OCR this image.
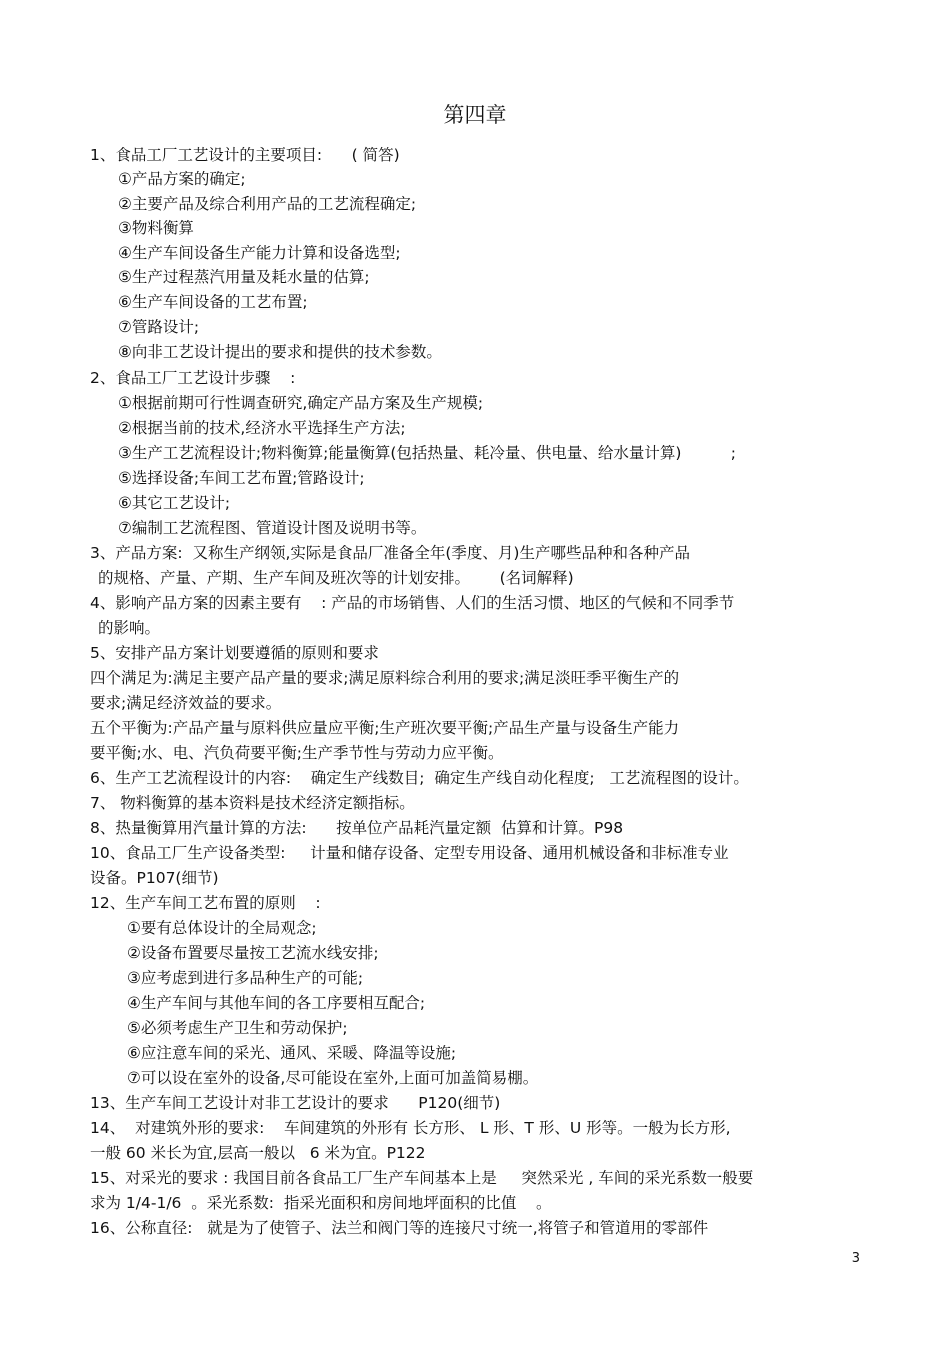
第四章
1、食品工厂工艺设计的主要项目:      ( 简答)
①产品方案的确定;
②主要产品及综合利用产品的工艺流程确定;
③物料衡算
④生产车间设备生产能力计算和设备选型;
⑤生产过程蒸汽用量及耗水量的估算;
⑥生产车间设备的工艺布置;
⑦管路设计;
⑧向非工艺设计提出的要求和提供的技术参数。
2、食品工厂工艺设计步骤    :
①根据前期可行性调查研究,确定产品方案及生产规模;
②根据当前的技术,经济水平选择生产方法;
③生产工艺流程设计;物料衡算;能量衡算(包括热量、耗冷量、供电量、给水量计算)          ;
⑤选择设备;车间工艺布置;管路设计;
⑥其它工艺设计;
⑦编制工艺流程图、管道设计图及说明书等。
3、产品方案:  又称生产纲领,实际是食品厂准备全年(季度、月)生产哪些品种和各种产品
的规格、产量、产期、生产车间及班次等的计划安排。      (名词解释)
4、影响产品方案的因素主要有    : 产品的市场销售、人们的生活习惯、地区的气候和不同季节
的影响。
5、安排产品方案计划要遵循的原则和要求
四个满足为:满足主要产品产量的要求;满足原料综合利用的要求;满足淡旺季平衡生产的
要求;满足经济效益的要求。
五个平衡为:产品产量与原料供应量应平衡;生产班次要平衡;产品生产量与设备生产能力
要平衡;水、电、汽负荷要平衡;生产季节性与劳动力应平衡。
6、生产工艺流程设计的内容:    确定生产线数目;  确定生产线自动化程度;   工艺流程图的设计。
7、 物料衡算的基本资料是技术经济定额指标。
8、热量衡算用汽量计算的方法:      按单位产品耗汽量定额  估算和计算。P98
10、食品工厂生产设备类型:     计量和储存设备、定型专用设备、通用机械设备和非标准专业
设备。P107(细节)
12、生产车间工艺布置的原则    :
①要有总体设计的全局观念;
②设备布置要尽量按工艺流水线安排;
③应考虑到进行多品种生产的可能;
④生产车间与其他车间的各工序要相互配合;
⑤必须考虑生产卫生和劳动保护;
⑥应注意车间的采光、通风、采暖、降温等设施;
⑦可以设在室外的设备,尽可能设在室外,上面可加盖简易棚。
13、生产车间工艺设计对非工艺设计的要求      P120(细节)
14、  对建筑外形的要求:    车间建筑的外形有 长方形、 L 形、T 形、U 形等。一般为长方形,
一般 60 米长为宜,层高一般以   6 米为宜。P122
15、对采光的要求 : 我国目前各食品工厂生产车间基本上是     突然采光 , 车间的采光系数一般要
求为 1/4-1/6  。采光系数:  指采光面积和房间地坪面积的比值    。
16、公称直径:   就是为了使管子、法兰和阀门等的连接尺寸统一,将管子和管道用的零部件
3
